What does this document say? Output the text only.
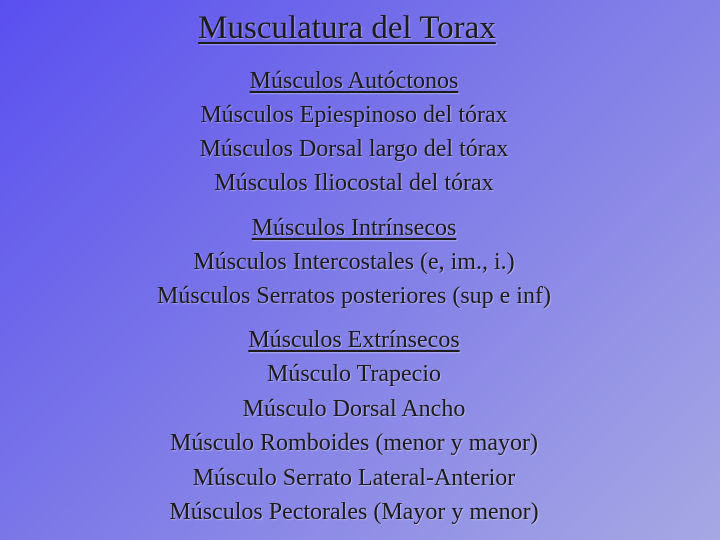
Musculatura del Torax
Músculos Autóctonos
Músculos Epiespinoso del tórax
Músculos Dorsal largo del tórax
Músculos Iliocostal del tórax
Músculos Intrínsecos
Músculos Intercostales (e, im., i.)
Músculos Serratos posteriores (sup e inf)
Músculos Extrínsecos
Músculo Trapecio
Músculo Dorsal Ancho
Músculo Romboides (menor y mayor)
Músculo Serrato Lateral-Anterior
Músculos Pectorales (Mayor y menor)
